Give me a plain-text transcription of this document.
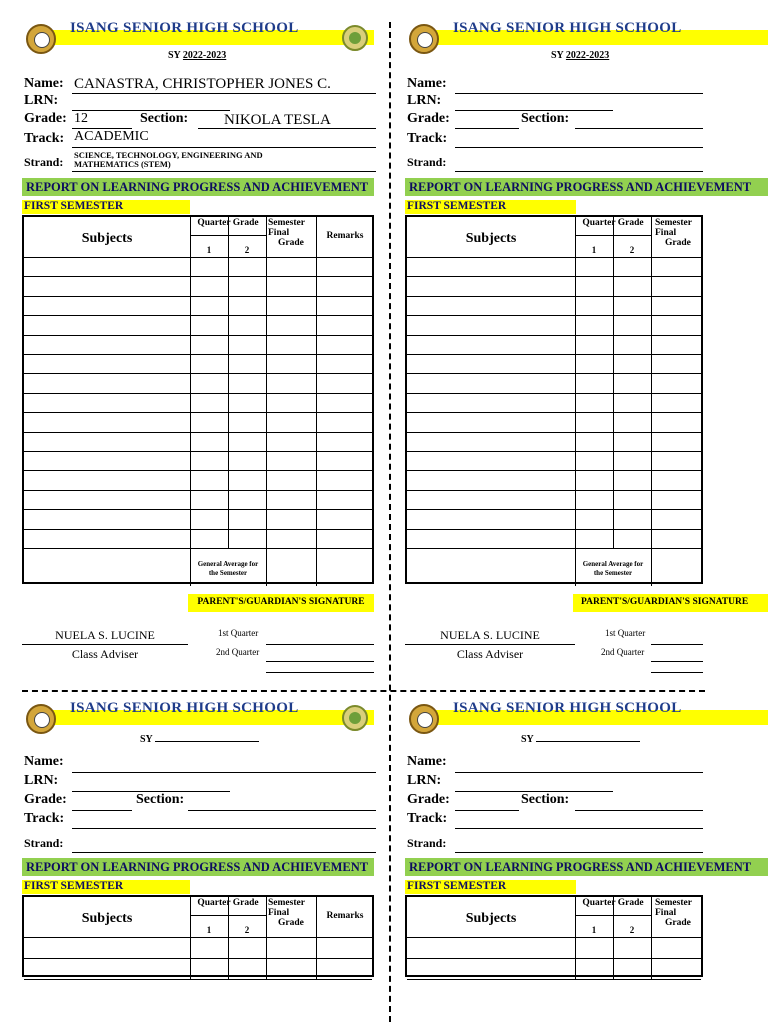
ISANG SENIOR HIGH SCHOOL
SY 2022-2023
Name: CANASTRA, CHRISTOPHER JONES C.
LRN:
Grade: 12	Section: NIKOLA TESLA
Track: ACADEMIC
Strand: SCIENCE, TECHNOLOGY, ENGINEERING AND
MATHEMATICS (STEM)
REPORT ON LEARNING PROGRESS AND ACHIEVEMENT
FIRST SEMESTER
Subjects
Quarter Grade
1	2
Semester
Final
Grade
Remarks
General Average for
the Semester
PARENT'S/GUARDIAN'S SIGNATURE
NUELA S. LUCINE
Class Adviser
1st Quarter
2nd Quarter
ISANG SENIOR HIGH SCHOOL
SY 2022-2023
Name:
LRN:
Grade:	Section:
Track:
Strand:
REPORT ON LEARNING PROGRESS AND ACHIEVEMENT
FIRST SEMESTER
Subjects
Quarter Grade
1	2
Semester
Final
Grade
General Average for
the Semester
PARENT'S/GUARDIAN'S SIGNATURE
NUELA S. LUCINE
Class Adviser
1st Quarter
2nd Quarter
ISANG SENIOR HIGH SCHOOL
SY
Name:
LRN:
Grade:	Section:
Track:
Strand:
REPORT ON LEARNING PROGRESS AND ACHIEVEMENT
FIRST SEMESTER
Subjects
Quarter Grade
1	2
Semester
Final
Grade
Remarks
ISANG SENIOR HIGH SCHOOL
SY
Name:
LRN:
Grade:	Section:
Track:
Strand:
REPORT ON LEARNING PROGRESS AND ACHIEVEMENT
FIRST SEMESTER
Subjects
Quarter Grade
1	2
Semester
Final
Grade
